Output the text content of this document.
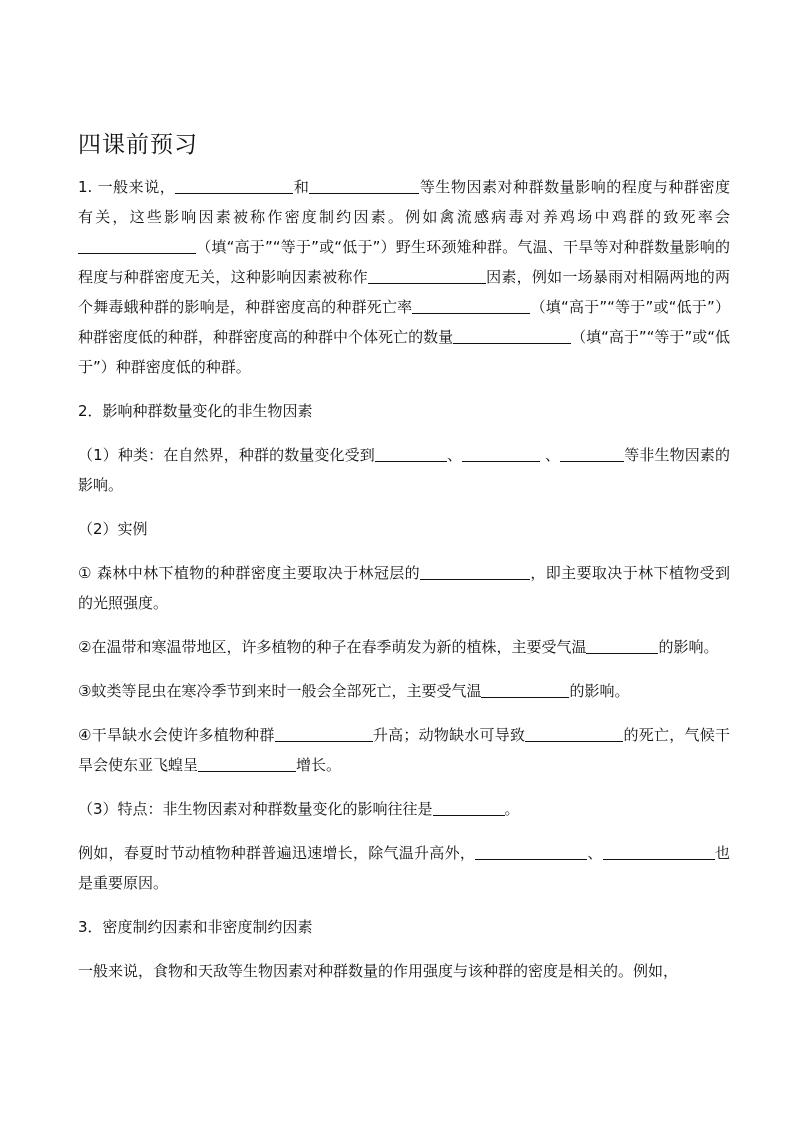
四课前预习

1. 一般来说，	和	等生物因素对种群数量影响的程度与种群密度有关，这些影响因素被称作密度制约因素。例如禽流感病毒对养鸡场中鸡群的致死率会（填“高于”“等于”或“低于”）野生环颈雉种群。气温、干旱等对种群数量影响的程度与种群密度无关，这种影响因素被称作	因素，例如一场暴雨对相隔两地的两个舞毒蛾种群的影响是，种群密度高的种群死亡率	（填“高于”“等于”或“低于”）种群密度低的种群，种群密度高的种群中个体死亡的数量	（填“高于”“等于”或“低于”）种群密度低的种群。

2．影响种群数量变化的非生物因素

（1）种类：在自然界，种群的数量变化受到	、	、	等非生物因素的影响。

（2）实例

① 森林中林下植物的种群密度主要取决于林冠层的	，即主要取决于林下植物受到的光照强度。

②在温带和寒温带地区，许多植物的种子在春季萌发为新的植株，主要受气温	的影响。

③蚊类等昆虫在寒冷季节到来时一般会全部死亡，主要受气温	的影响。

④干旱缺水会使许多植物种群	升高；动物缺水可导致	的死亡，气候干旱会使东亚飞蝗呈	增长。

（3）特点：非生物因素对种群数量变化的影响往往是	。

例如，春夏时节动植物种群普遍迅速增长，除气温升高外，	、	也是重要原因。

3．密度制约因素和非密度制约因素

一般来说，食物和天敌等生物因素对种群数量的作用强度与该种群的密度是相关的。例如，
